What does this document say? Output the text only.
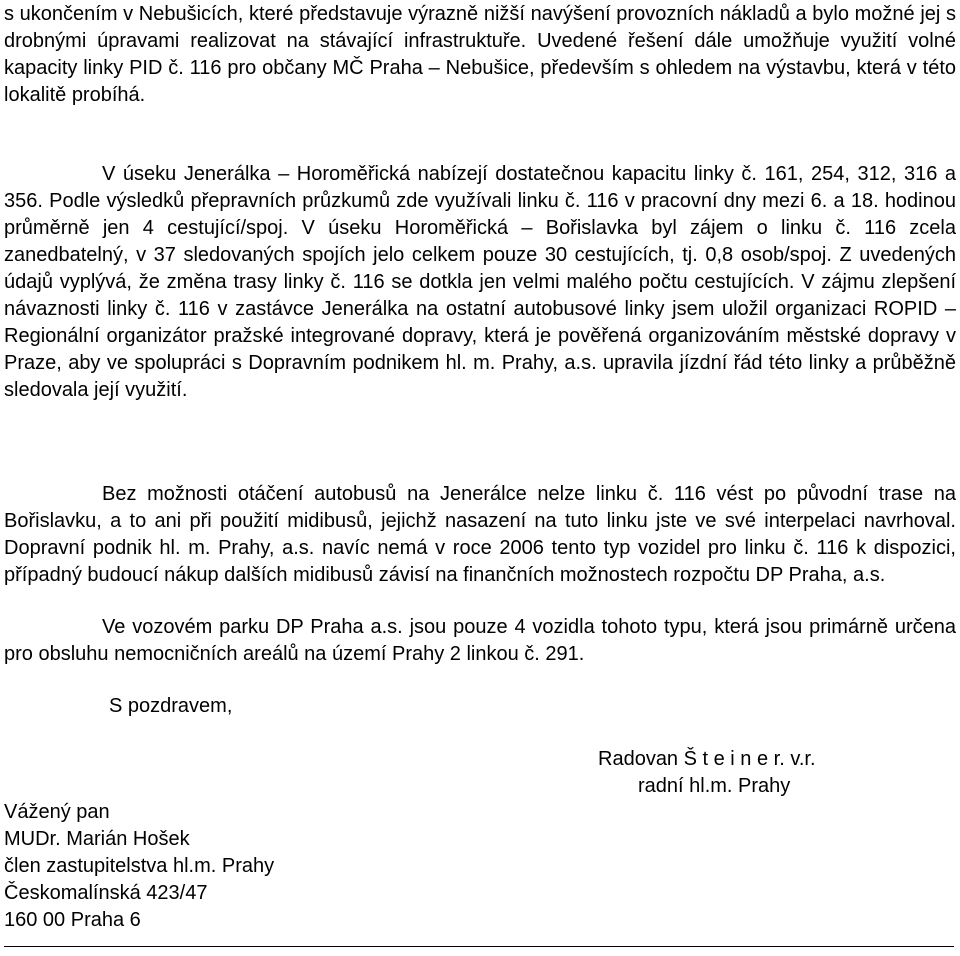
s ukončením v Nebušicích, které představuje výrazně nižší navýšení provozních nákladů a bylo možné jej s drobnými úpravami realizovat na stávající infrastruktuře. Uvedené řešení dále umožňuje využití volné kapacity linky PID č. 116 pro občany MČ Praha – Nebušice, především s ohledem na výstavbu, která v této lokalitě probíhá.

V úseku Jenerálka – Horoměřická nabízejí dostatečnou kapacitu linky č. 161, 254, 312, 316 a 356. Podle výsledků přepravních průzkumů zde využívali linku č. 116 v pracovní dny mezi 6. a 18. hodinou průměrně jen 4 cestující/spoj. V úseku Horoměřická – Bořislavka byl zájem o linku č. 116 zcela zanedbatelný, v 37 sledovaných spojích jelo celkem pouze 30 cestujících, tj. 0,8 osob/spoj. Z uvedených údajů vyplývá, že změna trasy linky č. 116 se dotkla jen velmi malého počtu cestujících. V zájmu zlepšení návaznosti linky č. 116 v zastávce Jenerálka na ostatní autobusové linky jsem uložil organizaci ROPID – Regionální organizátor pražské integrované dopravy, která je pověřená organizováním městské dopravy v Praze, aby ve spolupráci s Dopravním podnikem hl. m. Prahy, a.s. upravila jízdní řád této linky a průběžně sledovala její využití.

Bez možnosti otáčení autobusů na Jenerálce nelze linku č. 116 vést po původní trase na Bořislavku, a to ani při použití midibusů, jejichž nasazení na tuto linku jste ve své interpelaci navrhoval. Dopravní podnik hl. m. Prahy, a.s. navíc nemá v roce 2006 tento typ vozidel pro linku č. 116 k dispozici, případný budoucí nákup dalších midibusů závisí na finančních možnostech rozpočtu DP Praha, a.s.

Ve vozovém parku DP Praha a.s. jsou pouze 4 vozidla tohoto typu, která jsou primárně určena pro obsluhu nemocničních areálů na území Prahy 2 linkou č. 291.

S pozdravem,

Radovan Š t e i n e r. v.r.
radní hl.m. Prahy
Vážený pan
MUDr. Marián Hošek
člen zastupitelstva hl.m. Prahy
Českomalínská 423/47
160 00 Praha 6
